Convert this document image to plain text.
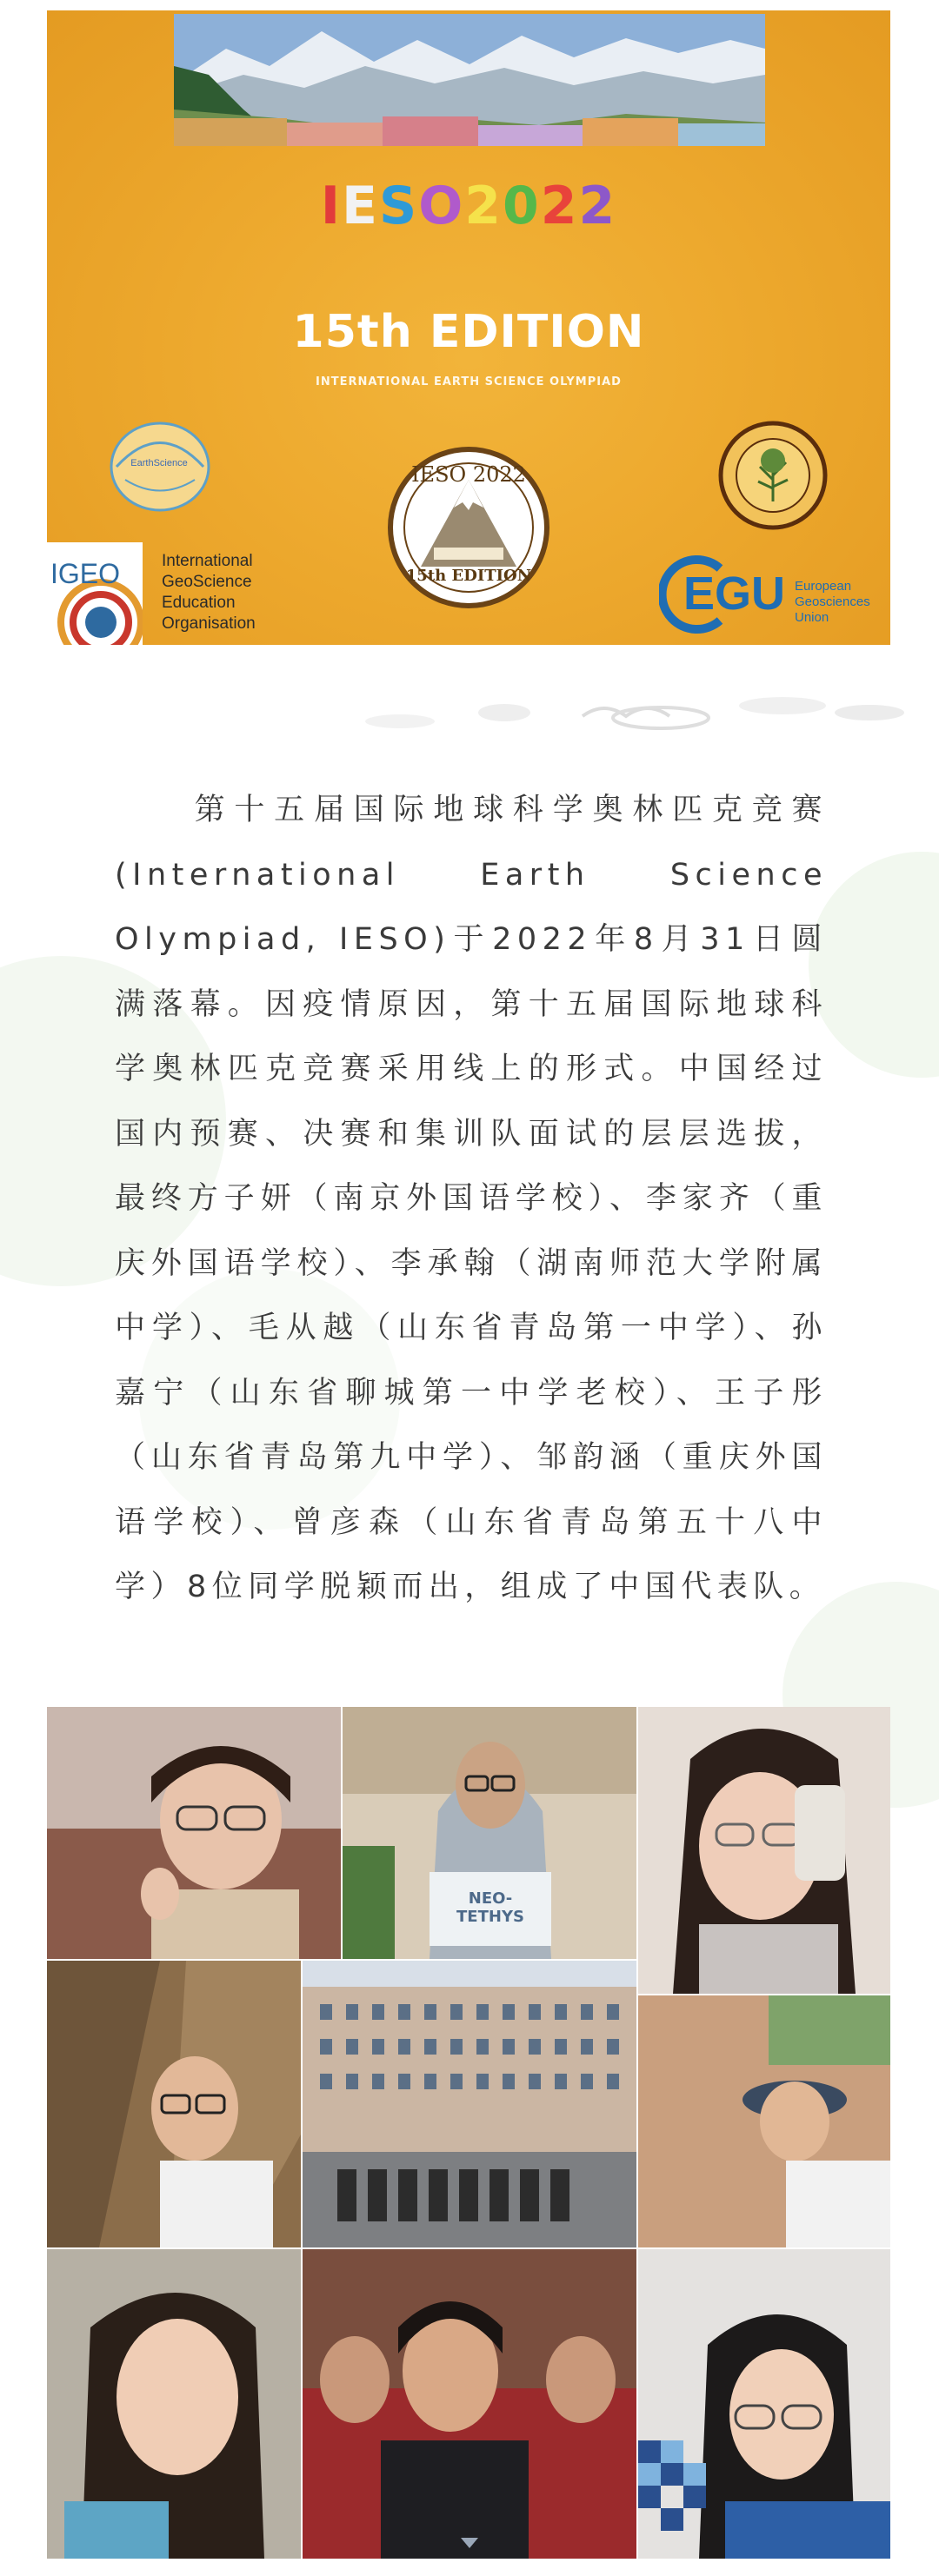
IESO2022
15th EDITION
INTERNATIONAL EARTH SCIENCE OLYMPIAD
EarthScience	IESO 2022
15th EDITION
IGEO	International
GeoScience
Education
Organisation
EGU European
Geosciences
Union
　　第十五届国际地球科学奥林匹克竞赛(International Earth Science Olympiad, IESO)于2022年8月31日圆满落幕。因疫情原因，第十五届国际地球科学奥林匹克竞赛采用线上的形式。中国经过国内预赛、决赛和集训队面试的层层选拔，最终方子妍（南京外国语学校）、李家齐（重庆外国语学校）、李承翰（湖南师范大学附属中学）、毛从越（山东省青岛第一中学）、孙嘉宁（山东省聊城第一中学老校）、王子彤（山东省青岛第九中学）、邹韵涵（重庆外国语学校）、曾彦森（山东省青岛第五十八中学）8位同学脱颖而出，组成了中国代表队。
NEO-TETHYS
